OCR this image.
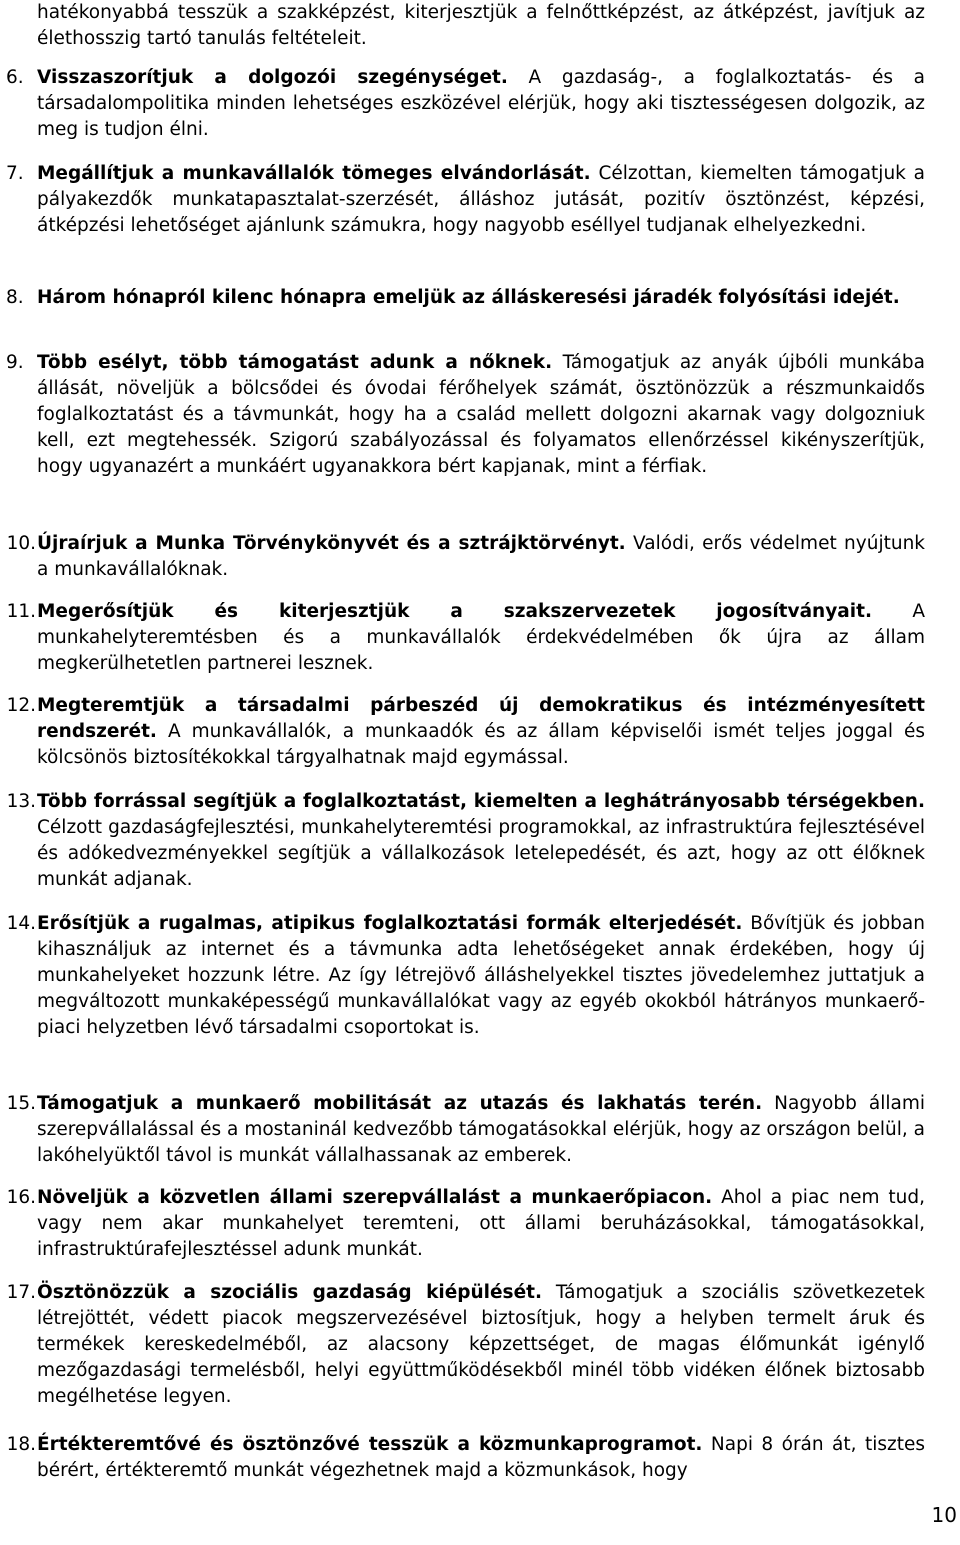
hatékonyabbá tesszük a szakképzést, kiterjesztjük a felnőttképzést, az átképzést, javítjuk az élethosszig tartó tanulás feltételeit.

6. Visszaszorítjuk a dolgozói szegénységet. A gazdaság-, a foglalkoztatás- és a társadalompolitika minden lehetséges eszközével elérjük, hogy aki tisztességesen dolgozik, az meg is tudjon élni.

7. Megállítjuk a munkavállalók tömeges elvándorlását. Célzottan, kiemelten támogatjuk a pályakezdők munkatapasztalat-szerzését, álláshoz jutását, pozitív ösztönzést, képzési, átképzési lehetőséget ajánlunk számukra, hogy nagyobb eséllyel tudjanak elhelyezkedni.

8. Három hónapról kilenc hónapra emeljük az álláskeresési járadék folyósítási idejét.

9. Több esélyt, több támogatást adunk a nőknek. Támogatjuk az anyák újbóli munkába állását, növeljük a bölcsődei és óvodai férőhelyek számát, ösztönözzük a részmunkaidős foglalkoztatást és a távmunkát, hogy ha a család mellett dolgozni akarnak vagy dolgozniuk kell, ezt megtehessék. Szigorú szabályozással és folyamatos ellenőrzéssel kikényszerítjük, hogy ugyanazért a munkáért ugyanakkora bért kapjanak, mint a férfiak.

10. Újraírjuk a Munka Törvénykönyvét és a sztrájktörvényt. Valódi, erős védelmet nyújtunk a munkavállalóknak.

11. Megerősítjük és kiterjesztjük a szakszervezetek jogosítványait. A munkahelyteremtésben és a munkavállalók érdekvédelmében ők újra az állam megkerülhetetlen partnerei lesznek.

12. Megteremtjük a társadalmi párbeszéd új demokratikus és intézményesített rendszerét. A munkavállalók, a munkaadók és az állam képviselői ismét teljes joggal és kölcsönös biztosítékokkal tárgyalhatnak majd egymással.

13. Több forrással segítjük a foglalkoztatást, kiemelten a leghátrányosabb térségekben. Célzott gazdaságfejlesztési, munkahelyteremtési programokkal, az infrastruktúra fejlesztésével és adókedvezményekkel segítjük a vállalkozások letelepedését, és azt, hogy az ott élőknek munkát adjanak.

14. Erősítjük a rugalmas, atipikus foglalkoztatási formák elterjedését. Bővítjük és jobban kihasználjuk az internet és a távmunka adta lehetőségeket annak érdekében, hogy új munkahelyeket hozzunk létre. Az így létrejövő álláshelyekkel tisztes jövedelemhez juttatjuk a megváltozott munkaképességű munkavállalókat vagy az egyéb okokból hátrányos munkaerő-piaci helyzetben lévő társadalmi csoportokat is.

15. Támogatjuk a munkaerő mobilitását az utazás és lakhatás terén. Nagyobb állami szerepvállalással és a mostaninál kedvezőbb támogatásokkal elérjük, hogy az országon belül, a lakóhelyüktől távol is munkát vállalhassanak az emberek.

16. Növeljük a közvetlen állami szerepvállalást a munkaerőpiacon. Ahol a piac nem tud, vagy nem akar munkahelyet teremteni, ott állami beruházásokkal, támogatásokkal, infrastruktúrafejlesztéssel adunk munkát.

17. Ösztönözzük a szociális gazdaság kiépülését. Támogatjuk a szociális szövetkezetek létrejöttét, védett piacok megszervezésével biztosítjuk, hogy a helyben termelt áruk és termékek kereskedelméből, az alacsony képzettséget, de magas élőmunkát igénylő mezőgazdasági termelésből, helyi együttműködésekből minél több vidéken élőnek biztosabb megélhetése legyen.

18. Értékteremtővé és ösztönzővé tesszük a közmunkaprogramot. Napi 8 órán át, tisztes bérért, értékteremtő munkát végezhetnek majd a közmunkások, hogy

10
